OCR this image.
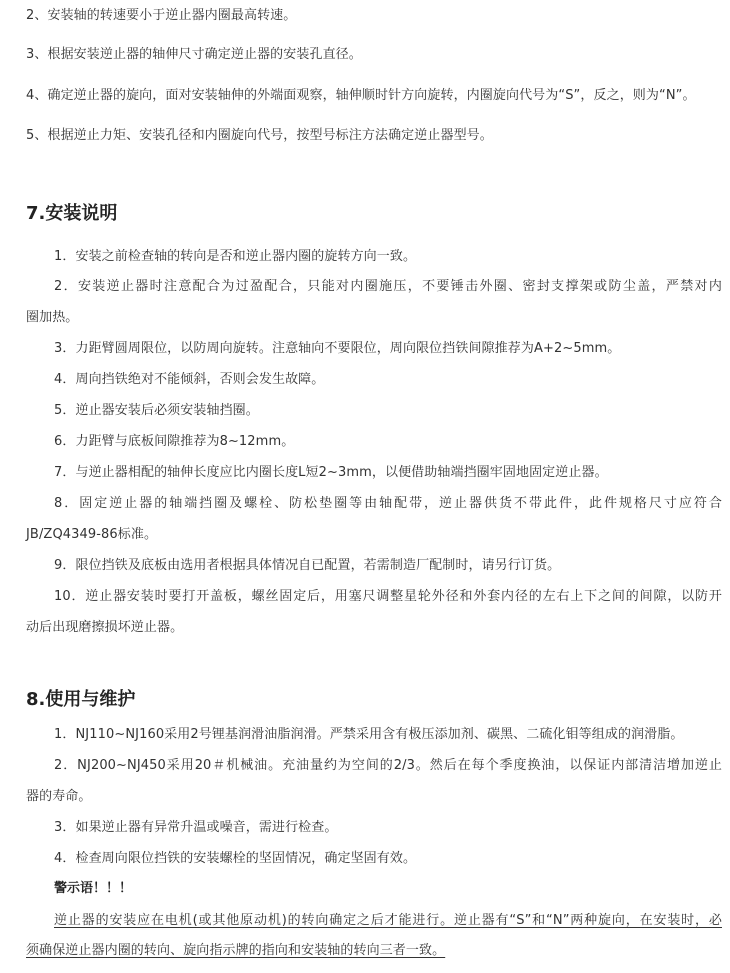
2、安装轴的转速要小于逆止器内圈最高转速。
3、根据安装逆止器的轴伸尺寸确定逆止器的安装孔直径。
4、确定逆止器的旋向，面对安装轴伸的外端面观察，轴伸顺时针方向旋转，内圈旋向代号为“S”，反之，则为“N”。
5、根据逆止力矩、安装孔径和内圈旋向代号，按型号标注方法确定逆止器型号。
7.安装说明
1．安装之前检查轴的转向是否和逆止器内圈的旋转方向一致。
2．安装逆止器时注意配合为过盈配合，只能对内圈施压，不要锤击外圈、密封支撑架或防尘盖，严禁对内
圈加热。
3．力距臂圆周限位，以防周向旋转。注意轴向不要限位，周向限位挡铁间隙推荐为A+2~5mm。
4．周向挡铁绝对不能倾斜，否则会发生故障。
5．逆止器安装后必须安装轴挡圈。
6．力距臂与底板间隙推荐为8~12mm。
7．与逆止器相配的轴伸长度应比内圈长度L短2~3mm，以便借助轴端挡圈牢固地固定逆止器。
8．固定逆止器的轴端挡圈及螺栓、防松垫圈等由轴配带，逆止器供货不带此件，此件规格尺寸应符合
JB/ZQ4349-86标准。
9．限位挡铁及底板由选用者根据具体情况自已配置，若需制造厂配制时，请另行订货。
10．逆止器安装时要打开盖板，螺丝固定后，用塞尺调整星轮外径和外套内径的左右上下之间的间隙，以防开
动后出现磨擦损坏逆止器。
8.使用与维护
1．NJ110~NJ160采用2号锂基润滑油脂润滑。严禁采用含有极压添加剂、碳黑、二硫化钼等组成的润滑脂。
2．NJ200~NJ450采用20＃机械油。充油量约为空间的2/3。然后在每个季度换油，以保证内部清洁增加逆止
器的寿命。
3．如果逆止器有异常升温或噪音，需进行检查。
4．检查周向限位挡铁的安装螺栓的坚固情况，确定坚固有效。
警示语！！！
逆止器的安装应在电机(或其他原动机)的转向确定之后才能进行。逆止器有“S”和“N”两种旋向，在安装时，必
须确保逆止器内圈的转向、旋向指示牌的指向和安装轴的转向三者一致。
